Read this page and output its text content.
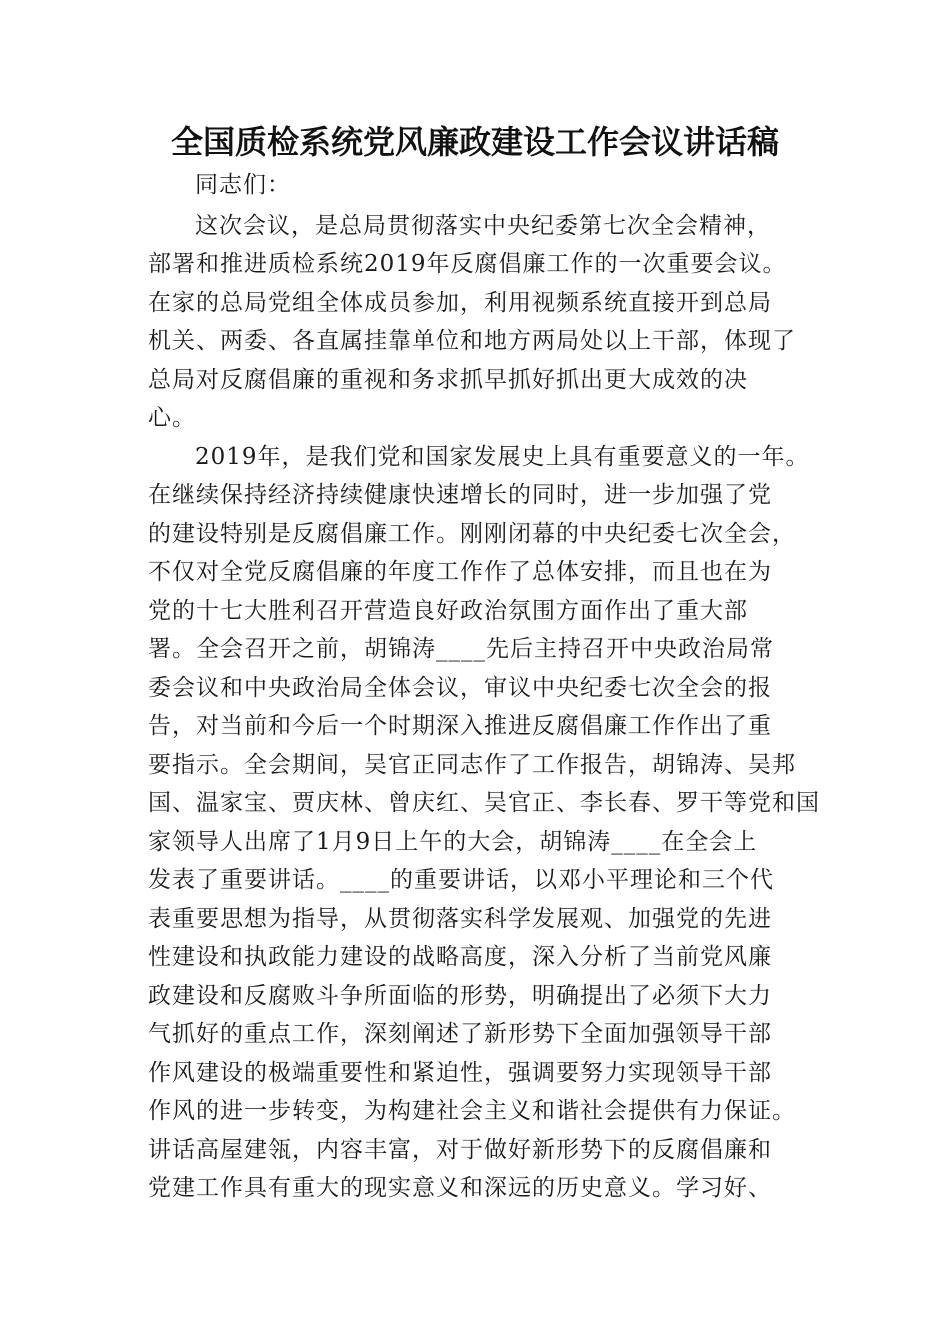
全国质检系统党风廉政建设工作会议讲话稿

同志们：

这次会议，是总局贯彻落实中央纪委第七次全会精神，
部署和推进质检系统2019年反腐倡廉工作的一次重要会议。
在家的总局党组全体成员参加，利用视频系统直接开到总局
机关、两委、各直属挂靠单位和地方两局处以上干部，体现了
总局对反腐倡廉的重视和务求抓早抓好抓出更大成效的决
心。

2019年，是我们党和国家发展史上具有重要意义的一年。
在继续保持经济持续健康快速增长的同时，进一步加强了党
的建设特别是反腐倡廉工作。刚刚闭幕的中央纪委七次全会，
不仅对全党反腐倡廉的年度工作作了总体安排，而且也在为
党的十七大胜利召开营造良好政治氛围方面作出了重大部
署。全会召开之前，胡锦涛____先后主持召开中央政治局常
委会议和中央政治局全体会议，审议中央纪委七次全会的报
告，对当前和今后一个时期深入推进反腐倡廉工作作出了重
要指示。全会期间，吴官正同志作了工作报告，胡锦涛、吴邦
国、温家宝、贾庆林、曾庆红、吴官正、李长春、罗干等党和国
家领导人出席了1月9日上午的大会，胡锦涛____在全会上
发表了重要讲话。____的重要讲话，以邓小平理论和三个代
表重要思想为指导，从贯彻落实科学发展观、加强党的先进
性建设和执政能力建设的战略高度，深入分析了当前党风廉
政建设和反腐败斗争所面临的形势，明确提出了必须下大力
气抓好的重点工作，深刻阐述了新形势下全面加强领导干部
作风建设的极端重要性和紧迫性，强调要努力实现领导干部
作风的进一步转变，为构建社会主义和谐社会提供有力保证。
讲话高屋建瓴，内容丰富，对于做好新形势下的反腐倡廉和
党建工作具有重大的现实意义和深远的历史意义。学习好、
